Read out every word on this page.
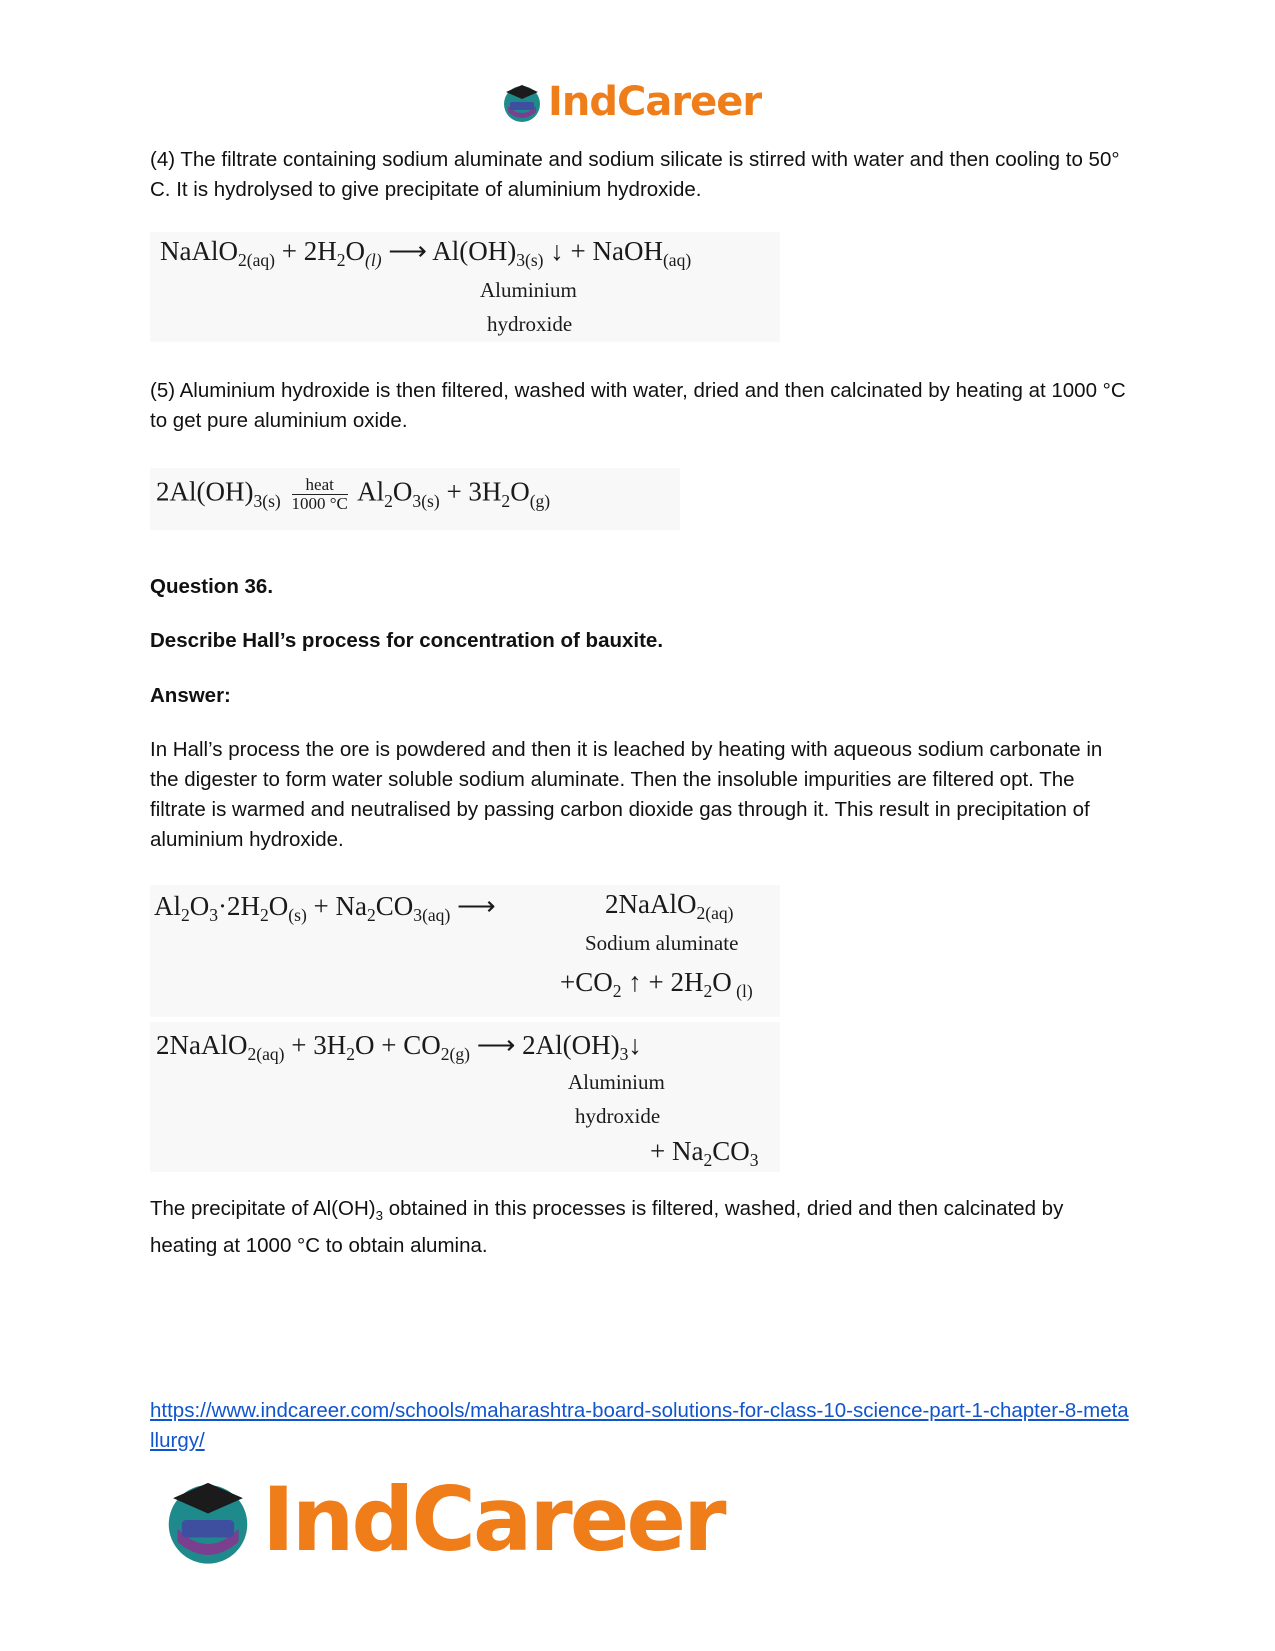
IndCareer

(4) The filtrate containing sodium aluminate and sodium silicate is stirred with water and then cooling to 50° C. It is hydrolysed to give precipitate of aluminium hydroxide.

NaAlO$_{2(aq)}$ + $2H_2O_{(l)}$ ⟶ $Al(OH)_{3(s)}$ ↓ + NaOH$_{(aq)}$
Aluminium
hydroxide

(5) Aluminium hydroxide is then filtered, washed with water, dried and then calcinated by heating at 1000 °C to get pure aluminium oxide.

$2Al(OH)_{3(s)} \frac{\text{heat}}{1000 ^\circ C} Al_2O_{3(s)} + 3H_2O_{(g)}$

Question 36.

Describe Hall’s process for concentration of bauxite.

Answer:

In Hall’s process the ore is powdered and then it is leached by heating with aqueous sodium carbonate in the digester to form water soluble sodium aluminate. Then the insoluble impurities are filtered opt. The filtrate is warmed and neutralised by passing carbon dioxide gas through it. This result in precipitation of aluminium hydroxide.

$Al_2O_3\cdot 2H_2O_{(s)} + Na_2CO_{3(aq)}$ ⟶	2NaAlO$_{2(aq)}$
Sodium aluminate
$+CO_2$ ↑ + $2H_2O$ $_{(l)}$
2NaAlO$_{2(aq)}$ + $3H_2O + CO_{2(g)}$ ⟶ $2Al(OH)_3↓$
Aluminium
hydroxide
+ $Na_2CO_3$

The precipitate of $Al(OH)_3$ obtained in this processes is filtered, washed, dried and then calcinated by heating at 1000 °C to obtain alumina.

https://www.indcareer.com/schools/maharashtra-board-solutions-for-class-10-science-part-1-chapter-8-metallurgy/
IndCareer
